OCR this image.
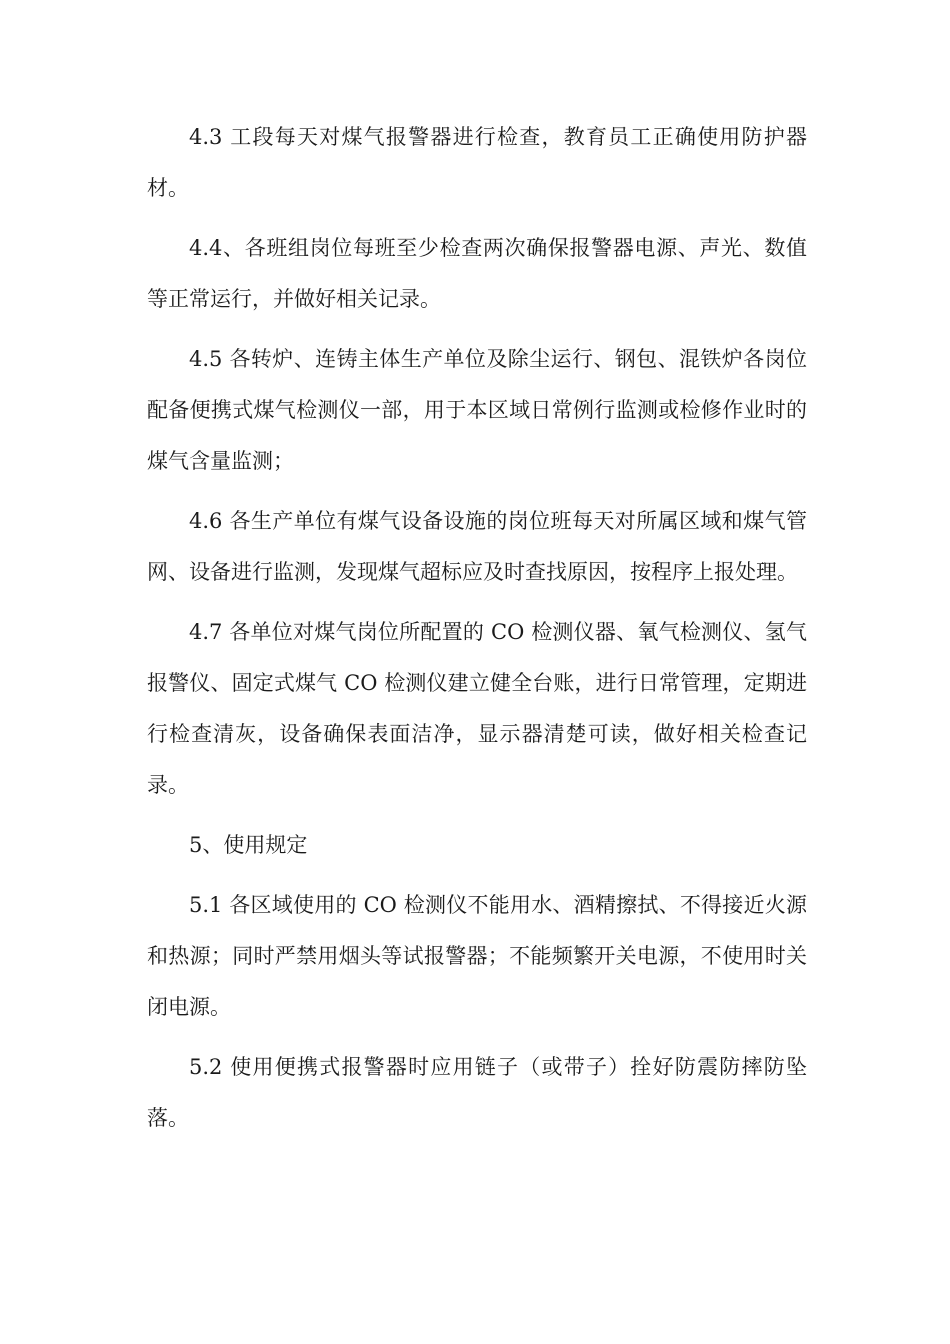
4.3 工段每天对煤气报警器进行检查，教育员工正确使用防护器材。

4.4、各班组岗位每班至少检查两次确保报警器电源、声光、数值等正常运行，并做好相关记录。

4.5 各转炉、连铸主体生产单位及除尘运行、钢包、混铁炉各岗位配备便携式煤气检测仪一部，用于本区域日常例行监测或检修作业时的煤气含量监测；

4.6 各生产单位有煤气设备设施的岗位班每天对所属区域和煤气管网、设备进行监测，发现煤气超标应及时查找原因，按程序上报处理。

4.7 各单位对煤气岗位所配置的 CO 检测仪器、氧气检测仪、氢气报警仪、固定式煤气 CO 检测仪建立健全台账，进行日常管理，定期进行检查清灰，设备确保表面洁净，显示器清楚可读，做好相关检查记录。

5、使用规定

5.1 各区域使用的 CO 检测仪不能用水、酒精擦拭、不得接近火源和热源；同时严禁用烟头等试报警器；不能频繁开关电源，不使用时关闭电源。

5.2 使用便携式报警器时应用链子（或带子）拴好防震防摔防坠落。
